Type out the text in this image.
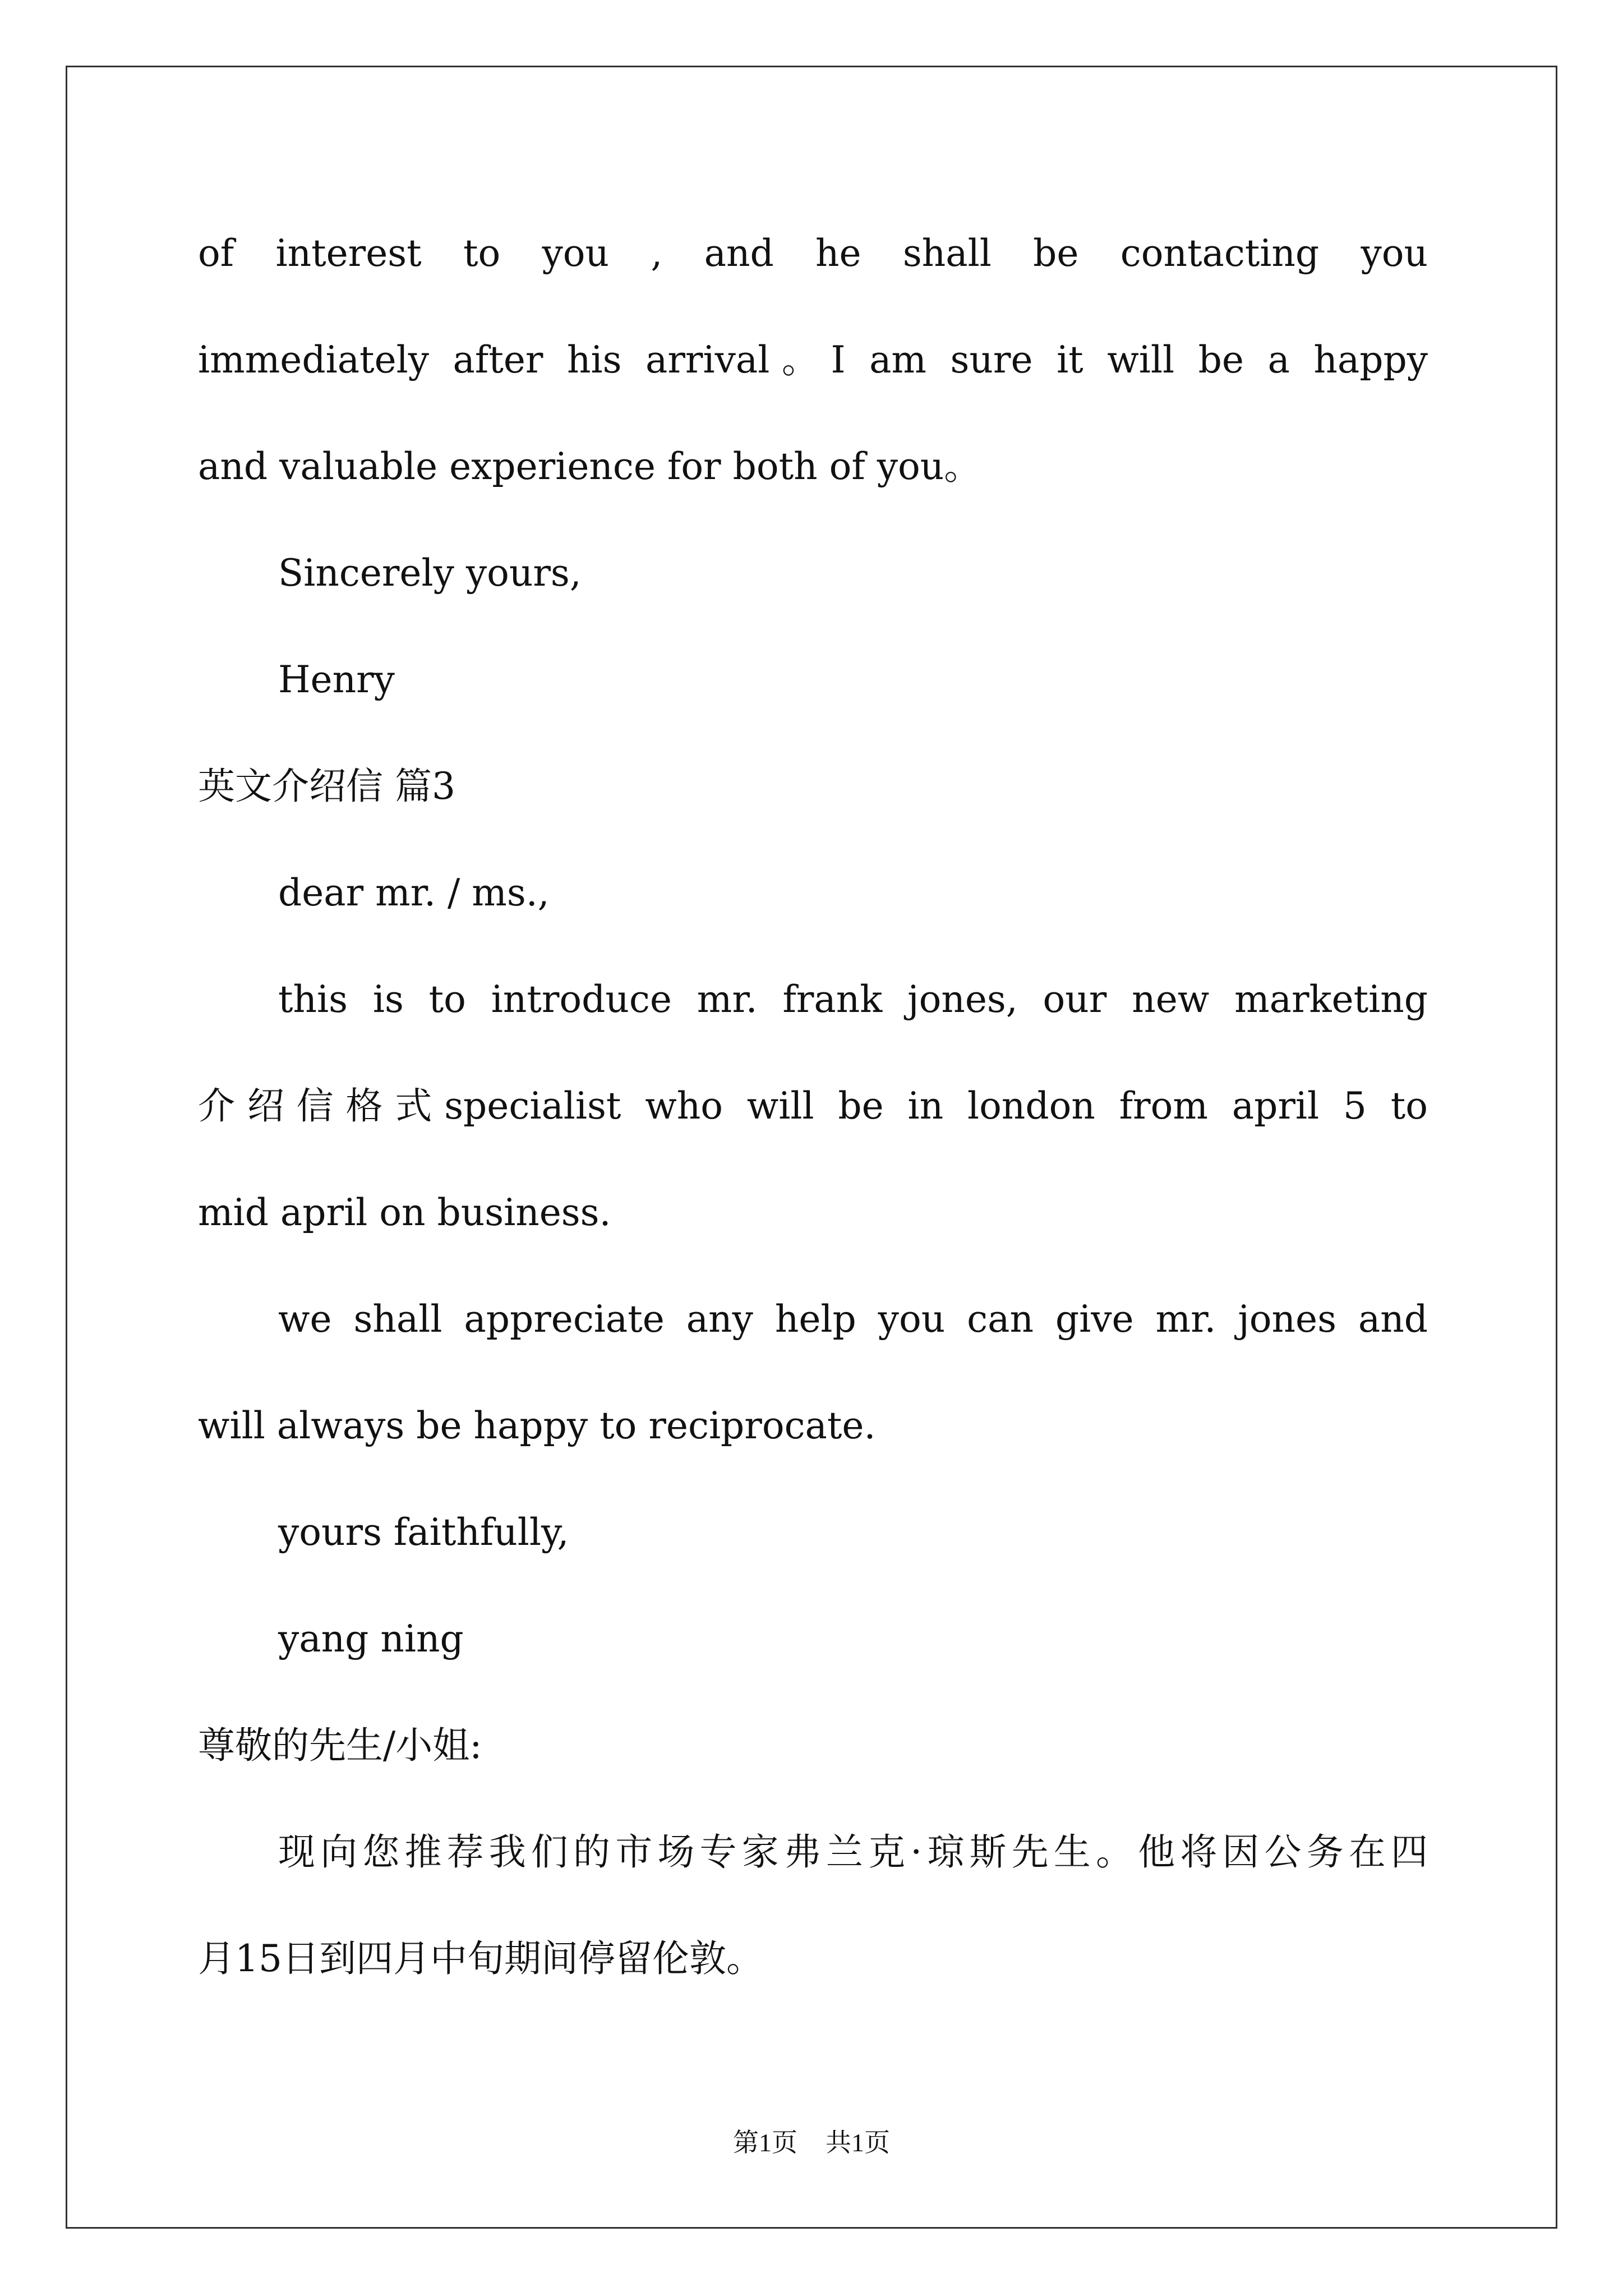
of interest to you , and he shall be contacting you
immediately after his arrival。I am sure it will be a happy
and valuable experience for both of you。
Sincerely yours,
Henry
英文介绍信 篇3
dear mr. / ms.,
this is to introduce mr. frank jones, our new marketing
介绍信格式specialist who will be in london from april 5 to
mid april on business.
we shall appreciate any help you can give mr. jones and
will always be happy to reciprocate.
yours faithfully,
yang ning
尊敬的先生/小姐:
现向您推荐我们的市场专家弗兰克·琼斯先生。他将因公务在四
月15日到四月中旬期间停留伦敦。
第1页 共1页
